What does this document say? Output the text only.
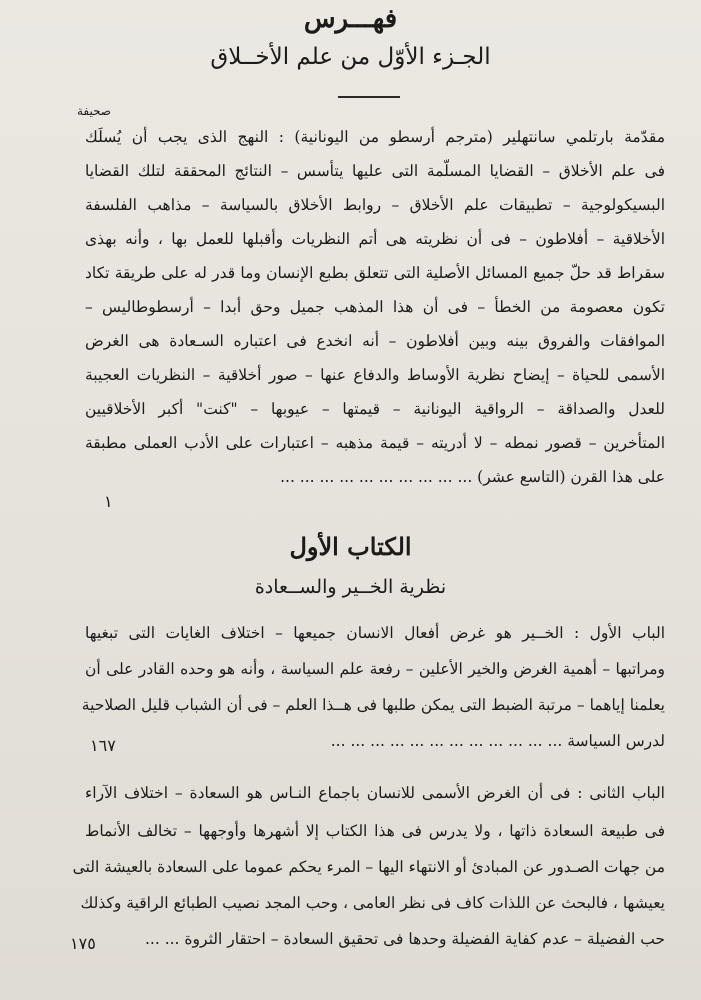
فهـــرس
الجـزء الأوّل من علم الأخــلاق
صحيفة
مقدّمة بارتلمي سانتهلير (مترجم أرسطو من اليونانية) : النهج الذى يجب أن يُسلَك
فى علم الأخلاق – القضايا المسلّمة التى عليها يتأسس – النتائج المحققة لتلك القضايا
البسيكولوجية – تطبيقات علم الأخلاق – روابط الأخلاق بالسياسة – مذاهب الفلسفة
الأخلاقية – أفلاطون – فى أن نظريته هى أتم النظريات وأقبلها للعمل بها ، وأنه بهذى
سقراط قد حلّ جميع المسائل الأصلية التى تتعلق بطبع الإنسان وما قدر له على طريقة تكاد
تكون معصومة من الخطأ – فى أن هذا المذهب جميل وحق أبدا – أرسطوطاليس –
الموافقات والفروق بينه وبين أفلاطون – أنه انخدع فى اعتباره السـعادة هى الغرض
الأسمى للحياة – إيضاح نظرية الأوساط والدفاع عنها – صور أخلاقية – النظريات العجيبة
للعدل والصداقة – الرواقية اليونانية – قيمتها – عيوبها – "كنت" أكبر الأخلاقيين
المتأخرين – قصور نمطه – لا أدريته – قيمة مذهبه – اعتبارات على الأدب العملى مطبقة
على هذا القرن (التاسع عشر) ... ... ... ... ... ... ... ... ... ...
١
الكتاب الأول
نظرية الخــير والســعادة
الباب الأول : الخــير هو غرض أفعال الانسان جميعها – اختلاف الغايات التى تبغيها
ومراتبها – أهمية الغرض والخير الأعلين – رفعة علم السياسة ، وأنه هو وحده القادر على أن
يعلمنا إياهما – مرتبة الضبط التى يمكن طلبها فى هــذا العلم – فى أن الشباب قليل الصلاحية
لدرس السياسة ... ... ... ... ... ... ... ... ... ... ... ...
١٦٧
الباب الثانى : فى أن الغرض الأسمى للانسان باجماع النـاس هو السعادة – اختلاف الآراء
فى طبيعة السعادة ذاتها ، ولا يدرس فى هذا الكتاب إلا أشهرها وأوجهها – تخالف الأنماط
من جهات الصـدور عن المبادئ أو الانتهاء اليها – المرء يحكم عموما على السعادة بالعيشة التى
يعيشها ، فالبحث عن اللذات كاف فى نظر العامى ، وحب المجد نصيب الطبائع الراقية وكذلك
حب الفضيلة – عدم كفاية الفضيلة وحدها فى تحقيق السعادة – احتقار الثروة ... ...
١٧٥
